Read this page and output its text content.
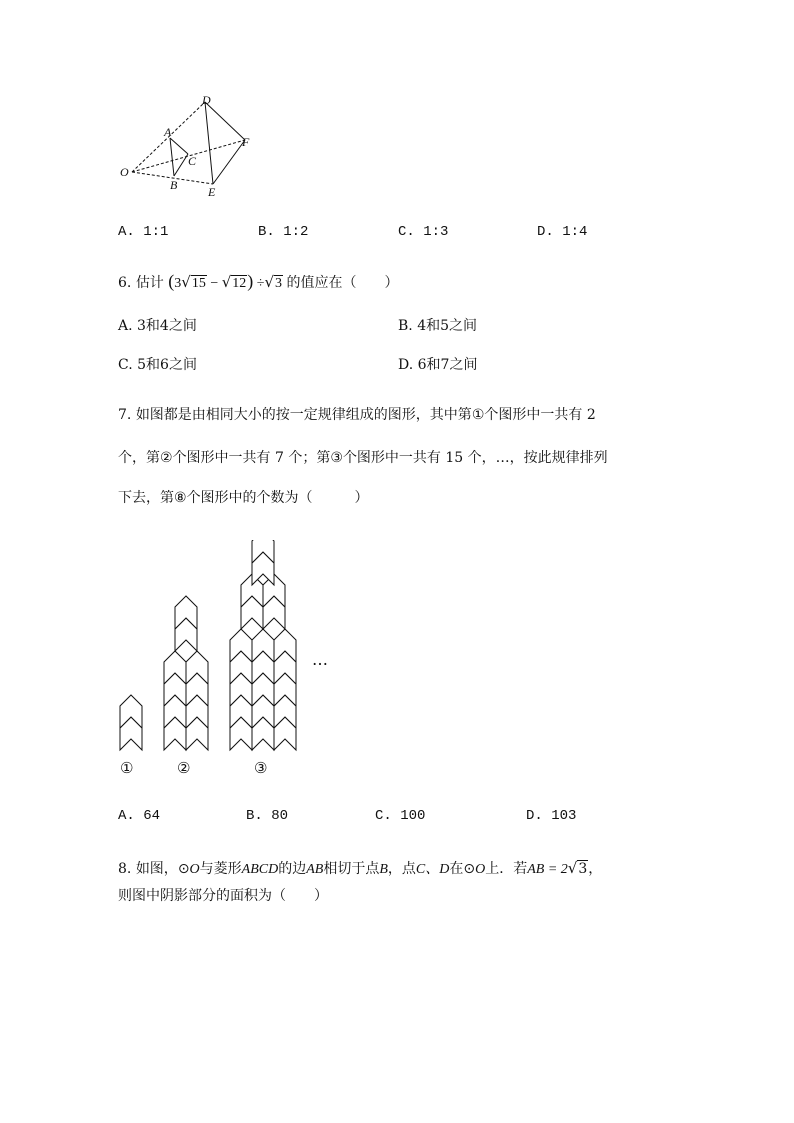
O
A
B
C
D
E
F
A. 1:1	B. 1:2	C. 1:3	D. 1:4
6. 估计 (3√15 − √12) ÷√3 的值应在（　　）
A. 3和4之间	B. 4和5之间
C. 5和6之间	D. 6和7之间
7. 如图都是由相同大小的按一定规律组成的图形，其中第①个图形中一共有 2
个，第②个图形中一共有 7 个；第③个图形中一共有 15 个，…，按此规律排列
下去，第⑧个图形中的个数为（　　　）
①	②	③
…
A. 64	B. 80	C. 100	D. 103
8. 如图，⊙O与菱形ABCD的边AB相切于点B，点C、D在⊙O上．若AB = 2√3，
则图中阴影部分的面积为（　　）
